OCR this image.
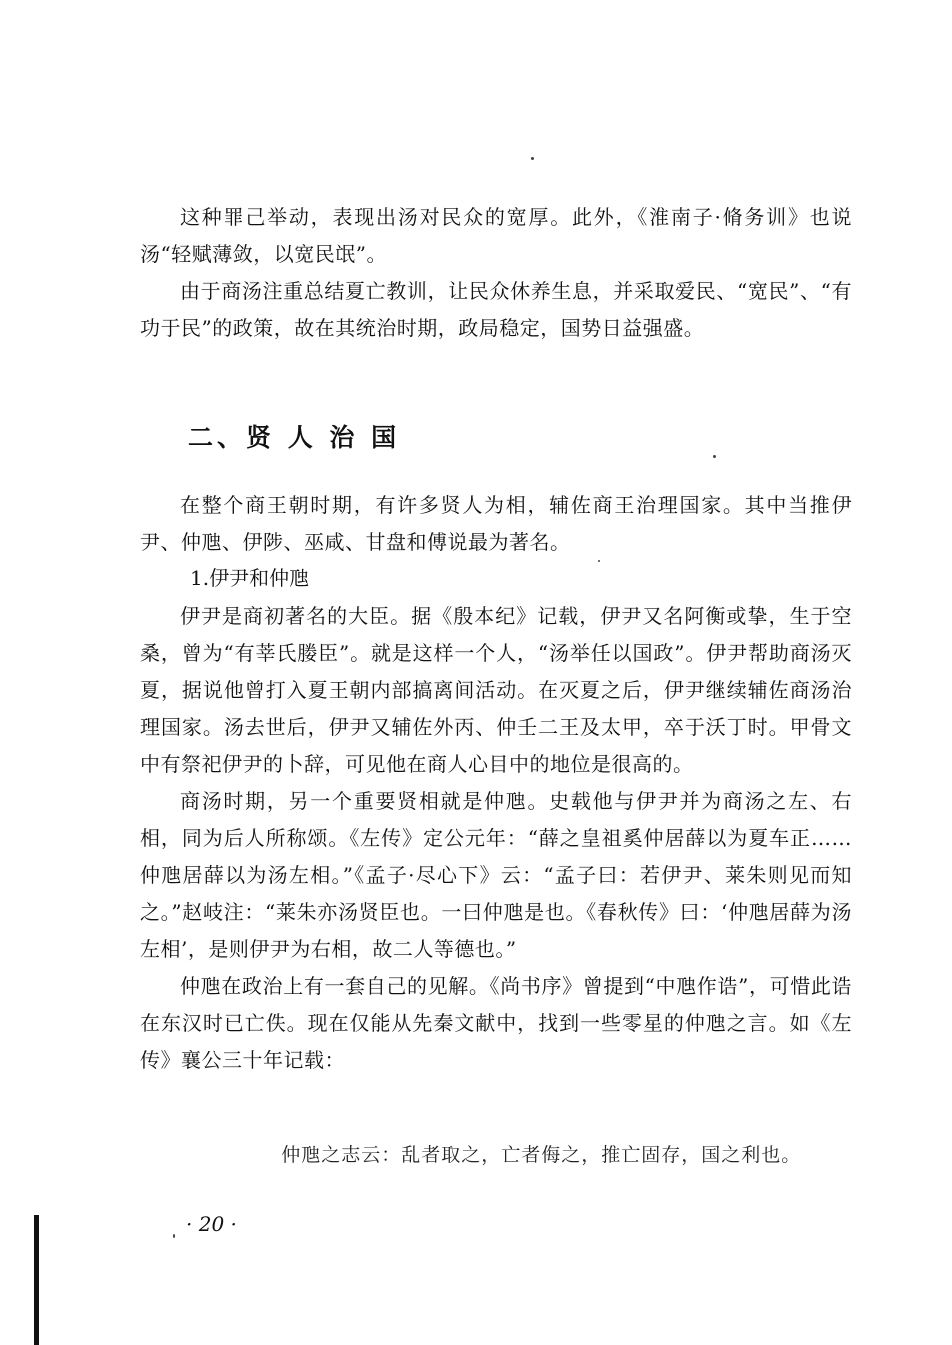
这种罪己举动，表现出汤对民众的宽厚。此外，《淮南子·脩务训》也说汤“轻赋薄敛，以宽民氓”。

由于商汤注重总结夏亡教训，让民众休养生息，并采取爱民、“宽民”、“有功于民”的政策，故在其统治时期，政局稳定，国势日益强盛。

二、贤 人 治 国

在整个商王朝时期，有许多贤人为相，辅佐商王治理国家。其中当推伊尹、仲虺、伊陟、巫咸、甘盘和傅说最为著名。

1.伊尹和仲虺

伊尹是商初著名的大臣。据《殷本纪》记载，伊尹又名阿衡或挚，生于空桑，曾为“有莘氏媵臣”。就是这样一个人，“汤举任以国政”。伊尹帮助商汤灭夏，据说他曾打入夏王朝内部搞离间活动。在灭夏之后，伊尹继续辅佐商汤治理国家。汤去世后，伊尹又辅佐外丙、仲壬二王及太甲，卒于沃丁时。甲骨文中有祭祀伊尹的卜辞，可见他在商人心目中的地位是很高的。

商汤时期，另一个重要贤相就是仲虺。史载他与伊尹并为商汤之左、右相，同为后人所称颂。《左传》定公元年：“薛之皇祖奚仲居薛以为夏车正……仲虺居薛以为汤左相。”《孟子·尽心下》云：“孟子曰：若伊尹、莱朱则见而知之。”赵岐注：“莱朱亦汤贤臣也。一曰仲虺是也。《春秋传》曰：‘仲虺居薛为汤左相’，是则伊尹为右相，故二人等德也。”

仲虺在政治上有一套自己的见解。《尚书序》曾提到“中虺作诰”，可惜此诰在东汉时已亡佚。现在仅能从先秦文献中，找到一些零星的仲虺之言。如《左传》襄公三十年记载：

仲虺之志云：乱者取之，亡者侮之，推亡固存，国之利也。

· 20 ·
